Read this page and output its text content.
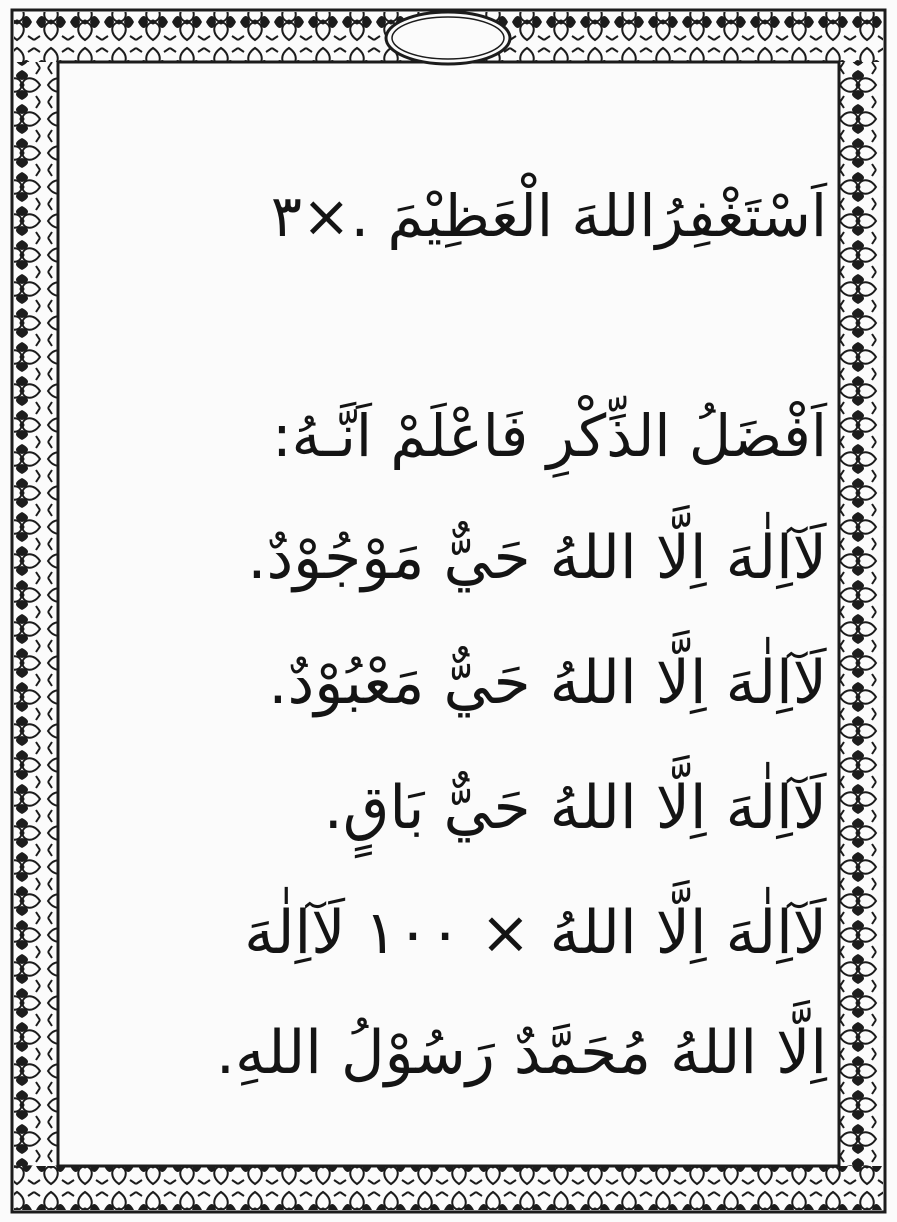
اَسْتَغْفِرُاللهَ الْعَظِيْمَ .×٣
اَفْضَلُ الذِّكْرِ فَاعْلَمْ اَنَّـهُ:
لَآاِلٰهَ اِلَّا اللهُ حَيٌّ مَوْجُوْدٌ.
لَآاِلٰهَ اِلَّا اللهُ حَيٌّ مَعْبُوْدٌ.
لَآاِلٰهَ اِلَّا اللهُ حَيٌّ بَاقٍ.
لَآاِلٰهَ اِلَّا اللهُ × ١٠٠ لَآاِلٰهَ
اِلَّا اللهُ مُحَمَّدٌ رَسُوْلُ اللهِ.
